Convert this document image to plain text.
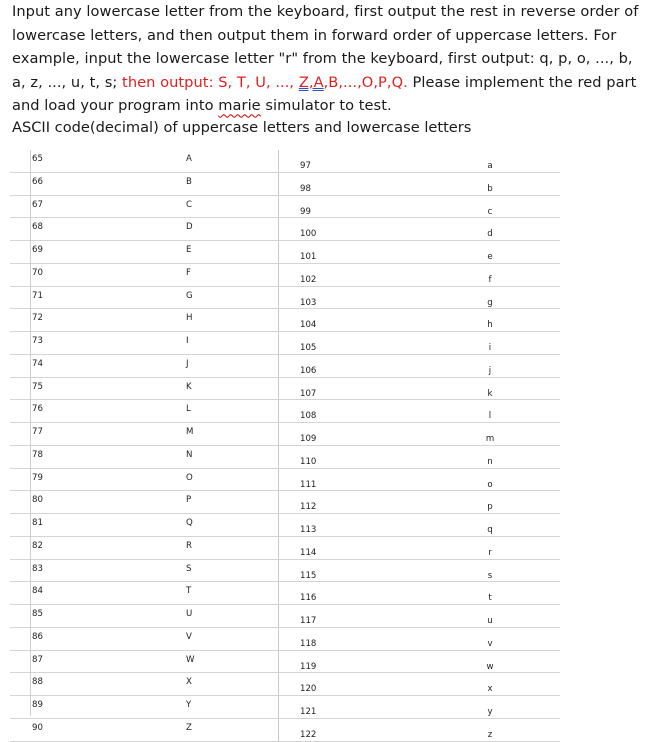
Input any lowercase letter from the keyboard, first output the rest in reverse order of
lowercase letters, and then output them in forward order of uppercase letters. For
example, input the lowercase letter "r" from the keyboard, first output: q, p, o, ..., b,
a, z, ..., u, t, s; then output: S, T, U, ..., Z,A,B,...,O,P,Q. Please implement the red part
and load your program into marie simulator to test.
ASCII code(decimal) of uppercase letters and lowercase letters
65	A	97	a

66	B	98	b

67	C	99	c

68	D	100	d

69	E	101	e

70	F	102	f

71	G	103	g

72	H	104	h

73	I	105	i

74	J	106	j

75	K	107	k

76	L	108	l

77	M	109	m

78	N	110	n

79	O	111	o

80	P	112	p

81	Q	113	q

82	R	114	r

83	S	115	s

84	T	116	t

85	U	117	u

86	V	118	v

87	W	119	w

88	X	120	x

89	Y	121	y

90	Z	122	z
